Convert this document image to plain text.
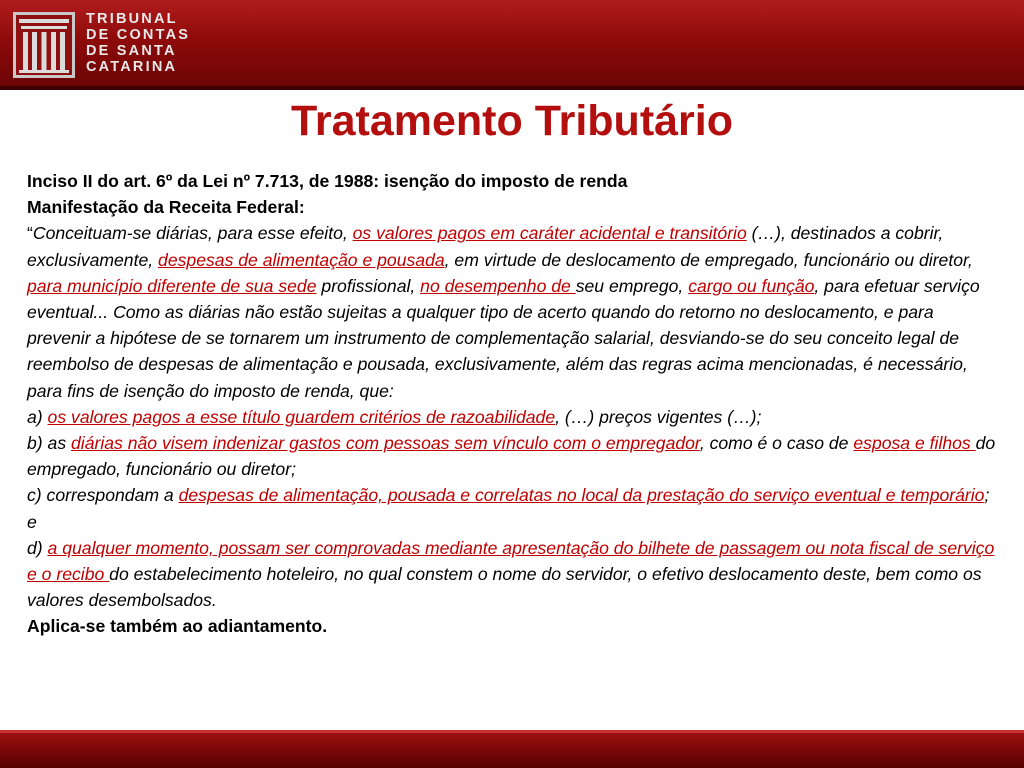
TRIBUNAL
DE CONTAS
DE SANTA
CATARINA
Tratamento Tributário

Inciso II do art. 6º da Lei nº 7.713, de 1988: isenção do imposto de renda

Manifestação da Receita Federal:

“Conceituam-se diárias, para esse efeito, os valores pagos em caráter acidental e transitório (…), destinados a cobrir, exclusivamente, despesas de alimentação e pousada, em virtude de deslocamento de empregado, funcionário ou diretor, para município diferente de sua sede profissional, no desempenho de seu emprego, cargo ou função, para efetuar serviço eventual... Como as diárias não estão sujeitas a qualquer tipo de acerto quando do retorno no deslocamento, e para prevenir a hipótese de se tornarem um instrumento de complementação salarial, desviando-se do seu conceito legal de reembolso de despesas de alimentação e pousada, exclusivamente, além das regras acima mencionadas, é necessário, para fins de isenção do imposto de renda, que:

a) os valores pagos a esse título guardem critérios de razoabilidade, (…) preços vigentes (…);

b) as diárias não visem indenizar gastos com pessoas sem vínculo com o empregador, como é o caso de esposa e filhos do empregado, funcionário ou diretor;

c) correspondam a despesas de alimentação, pousada e correlatas no local da prestação do serviço eventual e temporário; e

d) a qualquer momento, possam ser comprovadas mediante apresentação do bilhete de passagem ou nota fiscal de serviço e o recibo do estabelecimento hoteleiro, no qual constem o nome do servidor, o efetivo deslocamento deste, bem como os valores desembolsados.

Aplica-se também ao adiantamento.
